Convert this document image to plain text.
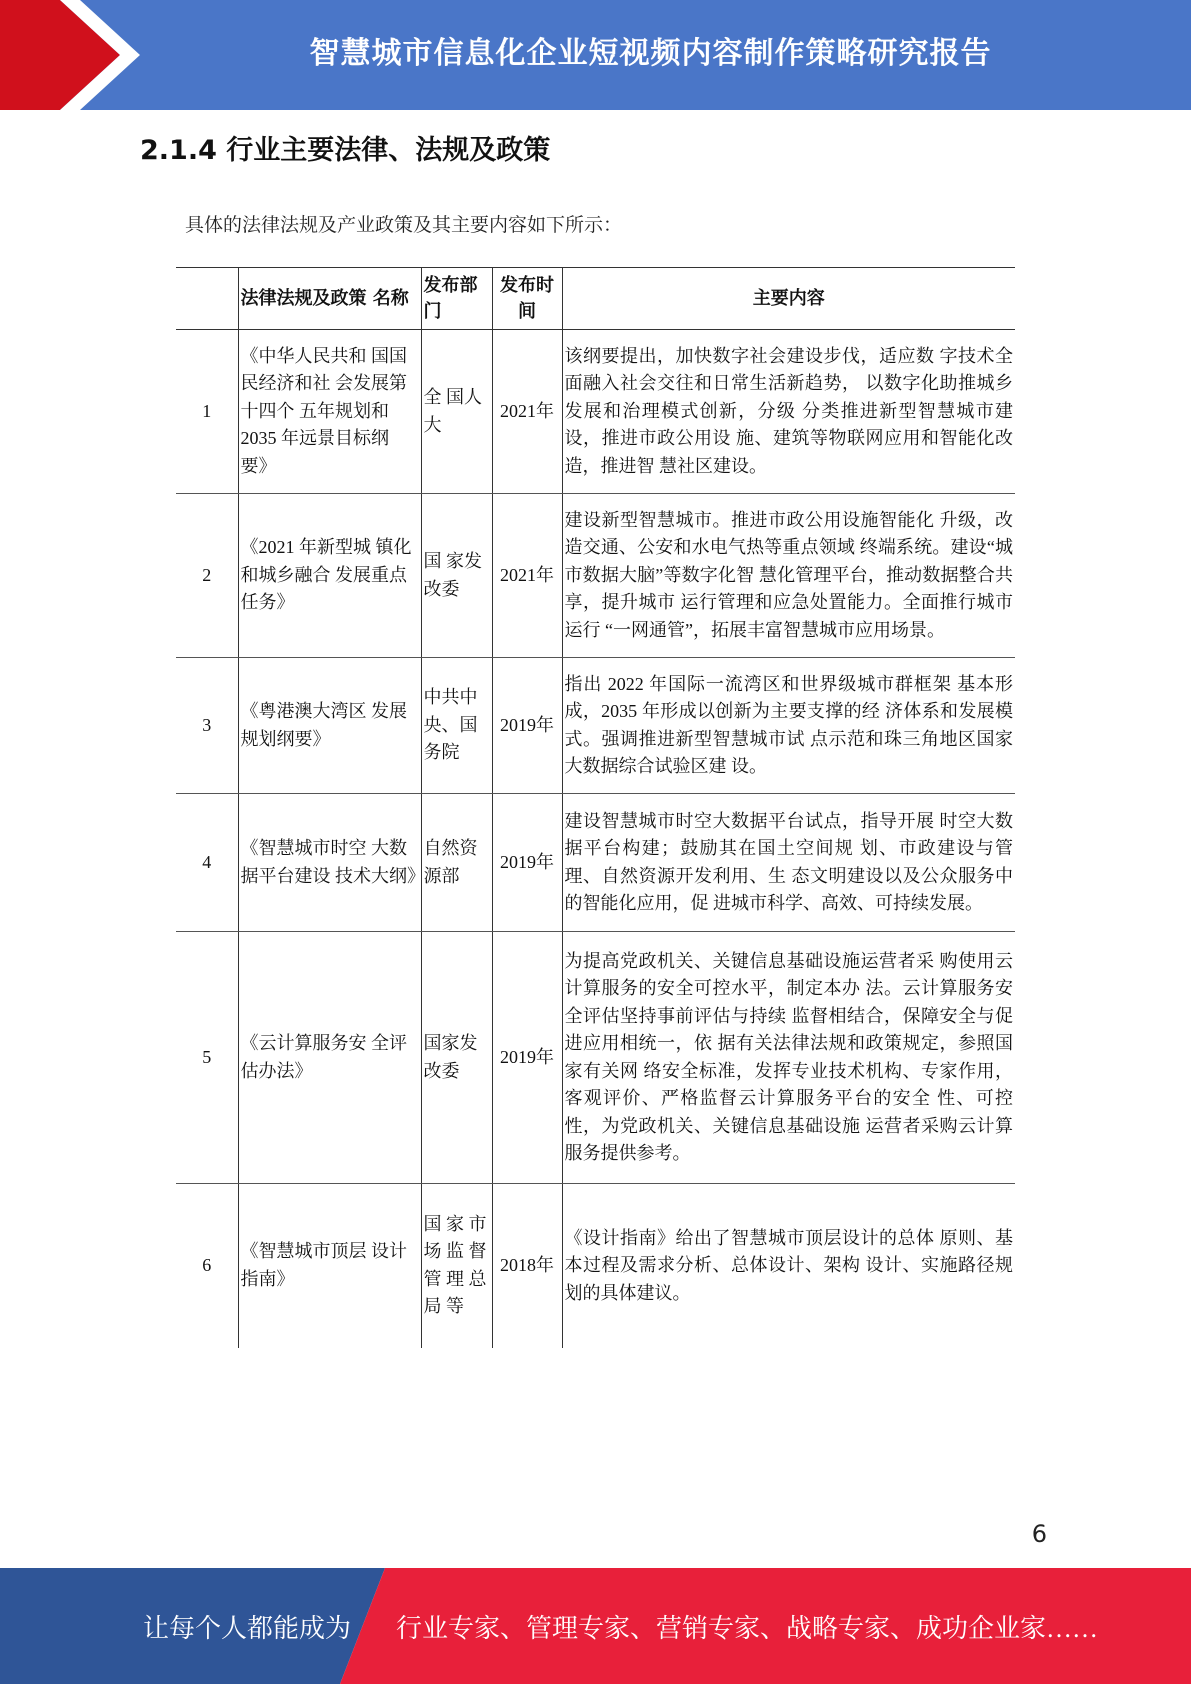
智慧城市信息化企业短视频内容制作策略研究报告
2.1.4 行业主要法律、法规及政策
具体的法律法规及产业政策及其主要内容如下所示：
	法律法规及政策 名称	发布部门	发布时间	主要内容
1	《中华人民共和 国国民经济和社 会发展第十四个 五年规划和 2035 年远景目标纲 要》	全 国人大	2021年	该纲要提出，加快数字社会建设步伐，适应数 字技术全面融入社会交往和日常生活新趋势， 以数字化助推城乡发展和治理模式创新，分级 分类推进新型智慧城市建设，推进市政公用设 施、建筑等物联网应用和智能化改造，推进智 慧社区建设。
2	《2021 年新型城 镇化和城乡融合 发展重点任务》	国 家发 改委	2021年	建设新型智慧城市。推进市政公用设施智能化 升级，改造交通、公安和水电气热等重点领域 终端系统。建设“城市数据大脑”等数字化智 慧化管理平台，推动数据整合共享，提升城市 运行管理和应急处置能力。全面推行城市运行 “一网通管”，拓展丰富智慧城市应用场景。
3	《粤港澳大湾区 发展规划纲要》	中共中央、国务院	2019年	指出 2022 年国际一流湾区和世界级城市群框架 基本形成，2035 年形成以创新为主要支撑的经 济体系和发展模式。强调推进新型智慧城市试 点示范和珠三角地区国家大数据综合试验区建 设。
4	《智慧城市时空 大数据平台建设 技术大纲》	自然资源部	2019年	建设智慧城市时空大数据平台试点，指导开展 时空大数据平台构建；鼓励其在国土空间规 划、市政建设与管理、自然资源开发利用、生 态文明建设以及公众服务中的智能化应用，促 进城市科学、高效、可持续发展。
5	《云计算服务安 全评估办法》	国家发改委	2019年	为提高党政机关、关键信息基础设施运营者采 购使用云计算服务的安全可控水平，制定本办 法。云计算服务安全评估坚持事前评估与持续 监督相结合，保障安全与促进应用相统一，依 据有关法律法规和政策规定，参照国家有关网 络安全标准，发挥专业技术机构、专家作用， 客观评价、严格监督云计算服务平台的安全 性、可控性，为党政机关、关键信息基础设施 运营者采购云计算服务提供参考。
6	《智慧城市顶层 设计指南》	国 家 市 场 监 督 管 理 总 局 等	2018年	《设计指南》给出了智慧城市顶层设计的总体 原则、基本过程及需求分析、总体设计、架构 设计、实施路径规划的具体建议。
6
让每个人都能成为 行业专家、管理专家、营销专家、战略专家、成功企业家……
